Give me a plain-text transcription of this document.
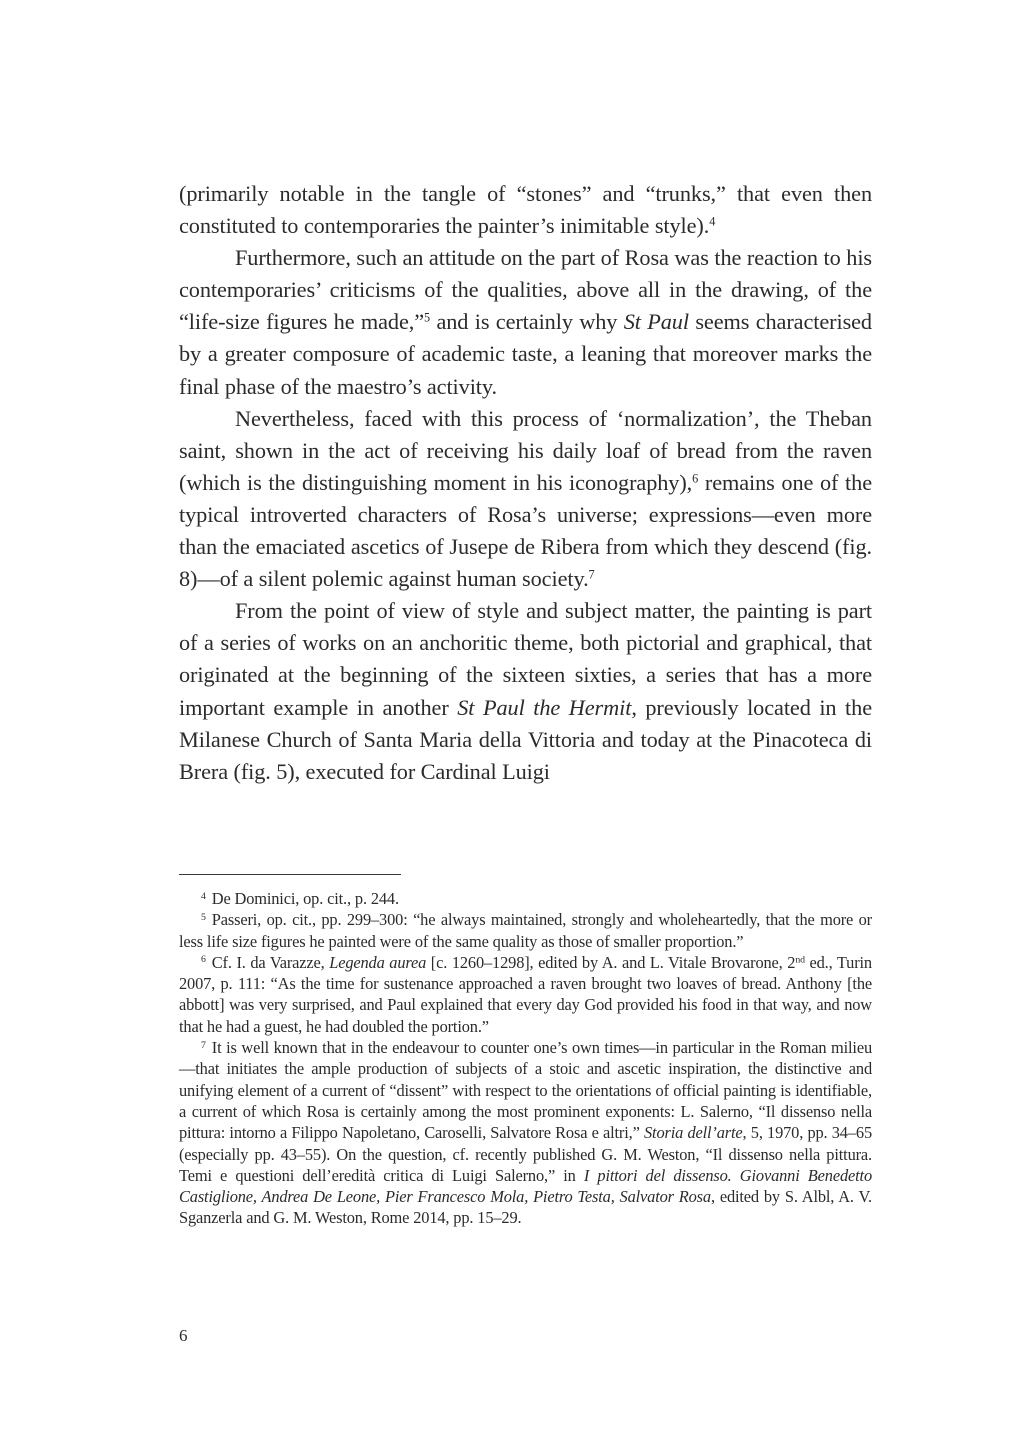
(primarily notable in the tangle of “stones” and “trunks,” that even then constituted to contemporaries the painter’s inimitable style).$^4$

Furthermore, such an attitude on the part of Rosa was the reaction to his contemporaries’ criticisms of the qualities, above all in the drawing, of the “life-size figures he made,”$^5$ and is certainly why St Paul seems characterised by a greater composure of academic taste, a leaning that moreover marks the final phase of the maestro’s activity.

Nevertheless, faced with this process of ‘normalization’, the Theban saint, shown in the act of receiving his daily loaf of bread from the raven (which is the distinguishing moment in his iconography),$^6$ remains one of the typical introverted characters of Rosa’s universe; expressions—even more than the emaciated ascetics of Jusepe de Ribera from which they descend (fig. 8)—of a silent polemic against human society.$^7$

From the point of view of style and subject matter, the painting is part of a series of works on an anchoritic theme, both pictorial and graphical, that originated at the beginning of the sixteen sixties, a series that has a more important example in another St Paul the Hermit, previously located in the Milanese Church of Santa Maria della Vittoria and today at the Pinacoteca di Brera (fig. 5), executed for Cardinal Luigi

$^4$ De Dominici, op. cit., p. 244.

$^5$ Passeri, op. cit., pp. 299–300: “he always maintained, strongly and wholeheartedly, that the more or less life size figures he painted were of the same quality as those of smaller proportion.”

$^6$ Cf. I. da Varazze, Legenda aurea [c. 1260–1298], edited by A. and L. Vitale Brovarone, 2nd ed., Turin 2007, p. 111: “As the time for sustenance approached a raven brought two loaves of bread. Anthony [the abbott] was very surprised, and Paul explained that every day God provided his food in that way, and now that he had a guest, he had doubled the portion.”

$^7$ It is well known that in the endeavour to counter one’s own times—in particular in the Roman milieu—that initiates the ample production of subjects of a stoic and ascetic inspiration, the distinctive and unifying element of a current of “dissent” with respect to the orientations of official painting is identifiable, a current of which Rosa is certainly among the most prominent exponents: L. Salerno, “Il dissenso nella pittura: intorno a Filippo Napoletano, Caroselli, Salvatore Rosa e altri,” Storia dell’arte, 5, 1970, pp. 34–65 (especially pp. 43–55). On the question, cf. recently published G. M. Weston, “Il dissenso nella pittura. Temi e questioni dell’eredità critica di Luigi Salerno,” in I pittori del dissenso. Giovanni Benedetto Castiglione, Andrea De Leone, Pier Francesco Mola, Pietro Testa, Salvator Rosa, edited by S. Albl, A. V. Sganzerla and G. M. Weston, Rome 2014, pp. 15–29.

6
